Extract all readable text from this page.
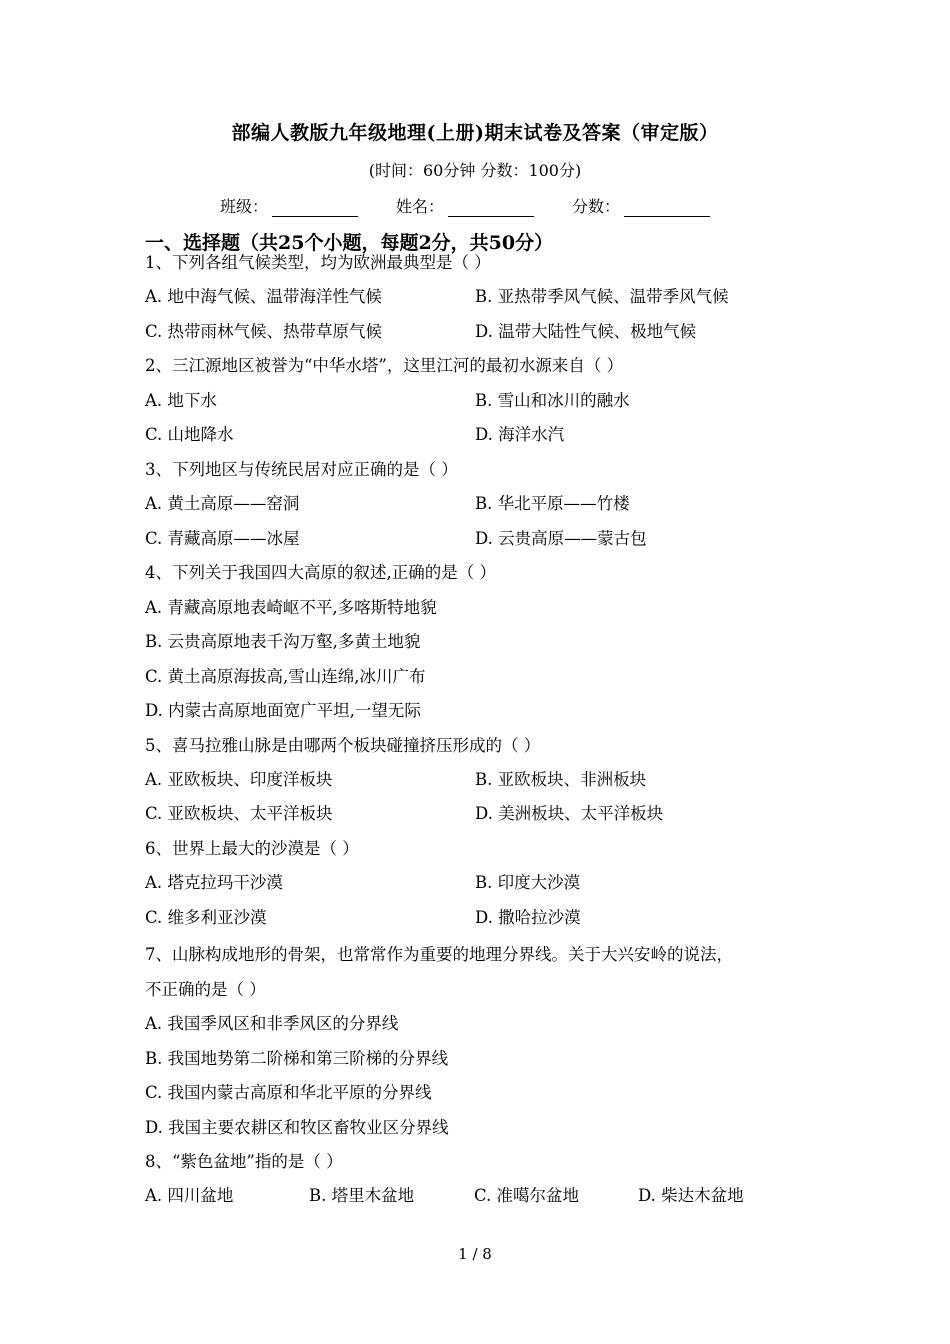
部编人教版九年级地理(上册)期末试卷及答案（审定版）
(时间：60分钟 分数：100分)
班级：	姓名：	分数：
一、选择题（共25个小题，每题2分，共50分）
1、下列各组气候类型，均为欧洲最典型是（ ）
A. 地中海气候、温带海洋性气候	B. 亚热带季风气候、温带季风气候
C. 热带雨林气候、热带草原气候	D. 温带大陆性气候、极地气候
2、三江源地区被誉为“中华水塔”，这里江河的最初水源来自（ ）
A. 地下水	B. 雪山和冰川的融水
C. 山地降水	D. 海洋水汽
3、下列地区与传统民居对应正确的是（ ）
A. 黄土高原——窑洞	B. 华北平原——竹楼
C. 青藏高原——冰屋	D. 云贵高原——蒙古包
4、下列关于我国四大高原的叙述,正确的是（ ）
A. 青藏高原地表崎岖不平,多喀斯特地貌
B. 云贵高原地表千沟万壑,多黄土地貌
C. 黄土高原海拔高,雪山连绵,冰川广布
D. 内蒙古高原地面宽广平坦,一望无际
5、喜马拉雅山脉是由哪两个板块碰撞挤压形成的（ ）
A. 亚欧板块、印度洋板块	B. 亚欧板块、非洲板块
C. 亚欧板块、太平洋板块	D. 美洲板块、太平洋板块
6、世界上最大的沙漠是（ ）
A. 塔克拉玛干沙漠	B. 印度大沙漠
C. 维多利亚沙漠	D. 撒哈拉沙漠
7、山脉构成地形的骨架，也常常作为重要的地理分界线。关于大兴安岭的说法，
不正确的是（ ）
A. 我国季风区和非季风区的分界线
B. 我国地势第二阶梯和第三阶梯的分界线
C. 我国内蒙古高原和华北平原的分界线
D. 我国主要农耕区和牧区畜牧业区分界线
8、“紫色盆地”指的是（ ）
A. 四川盆地	B. 塔里木盆地	C. 准噶尔盆地	D. 柴达木盆地
1 / 8
